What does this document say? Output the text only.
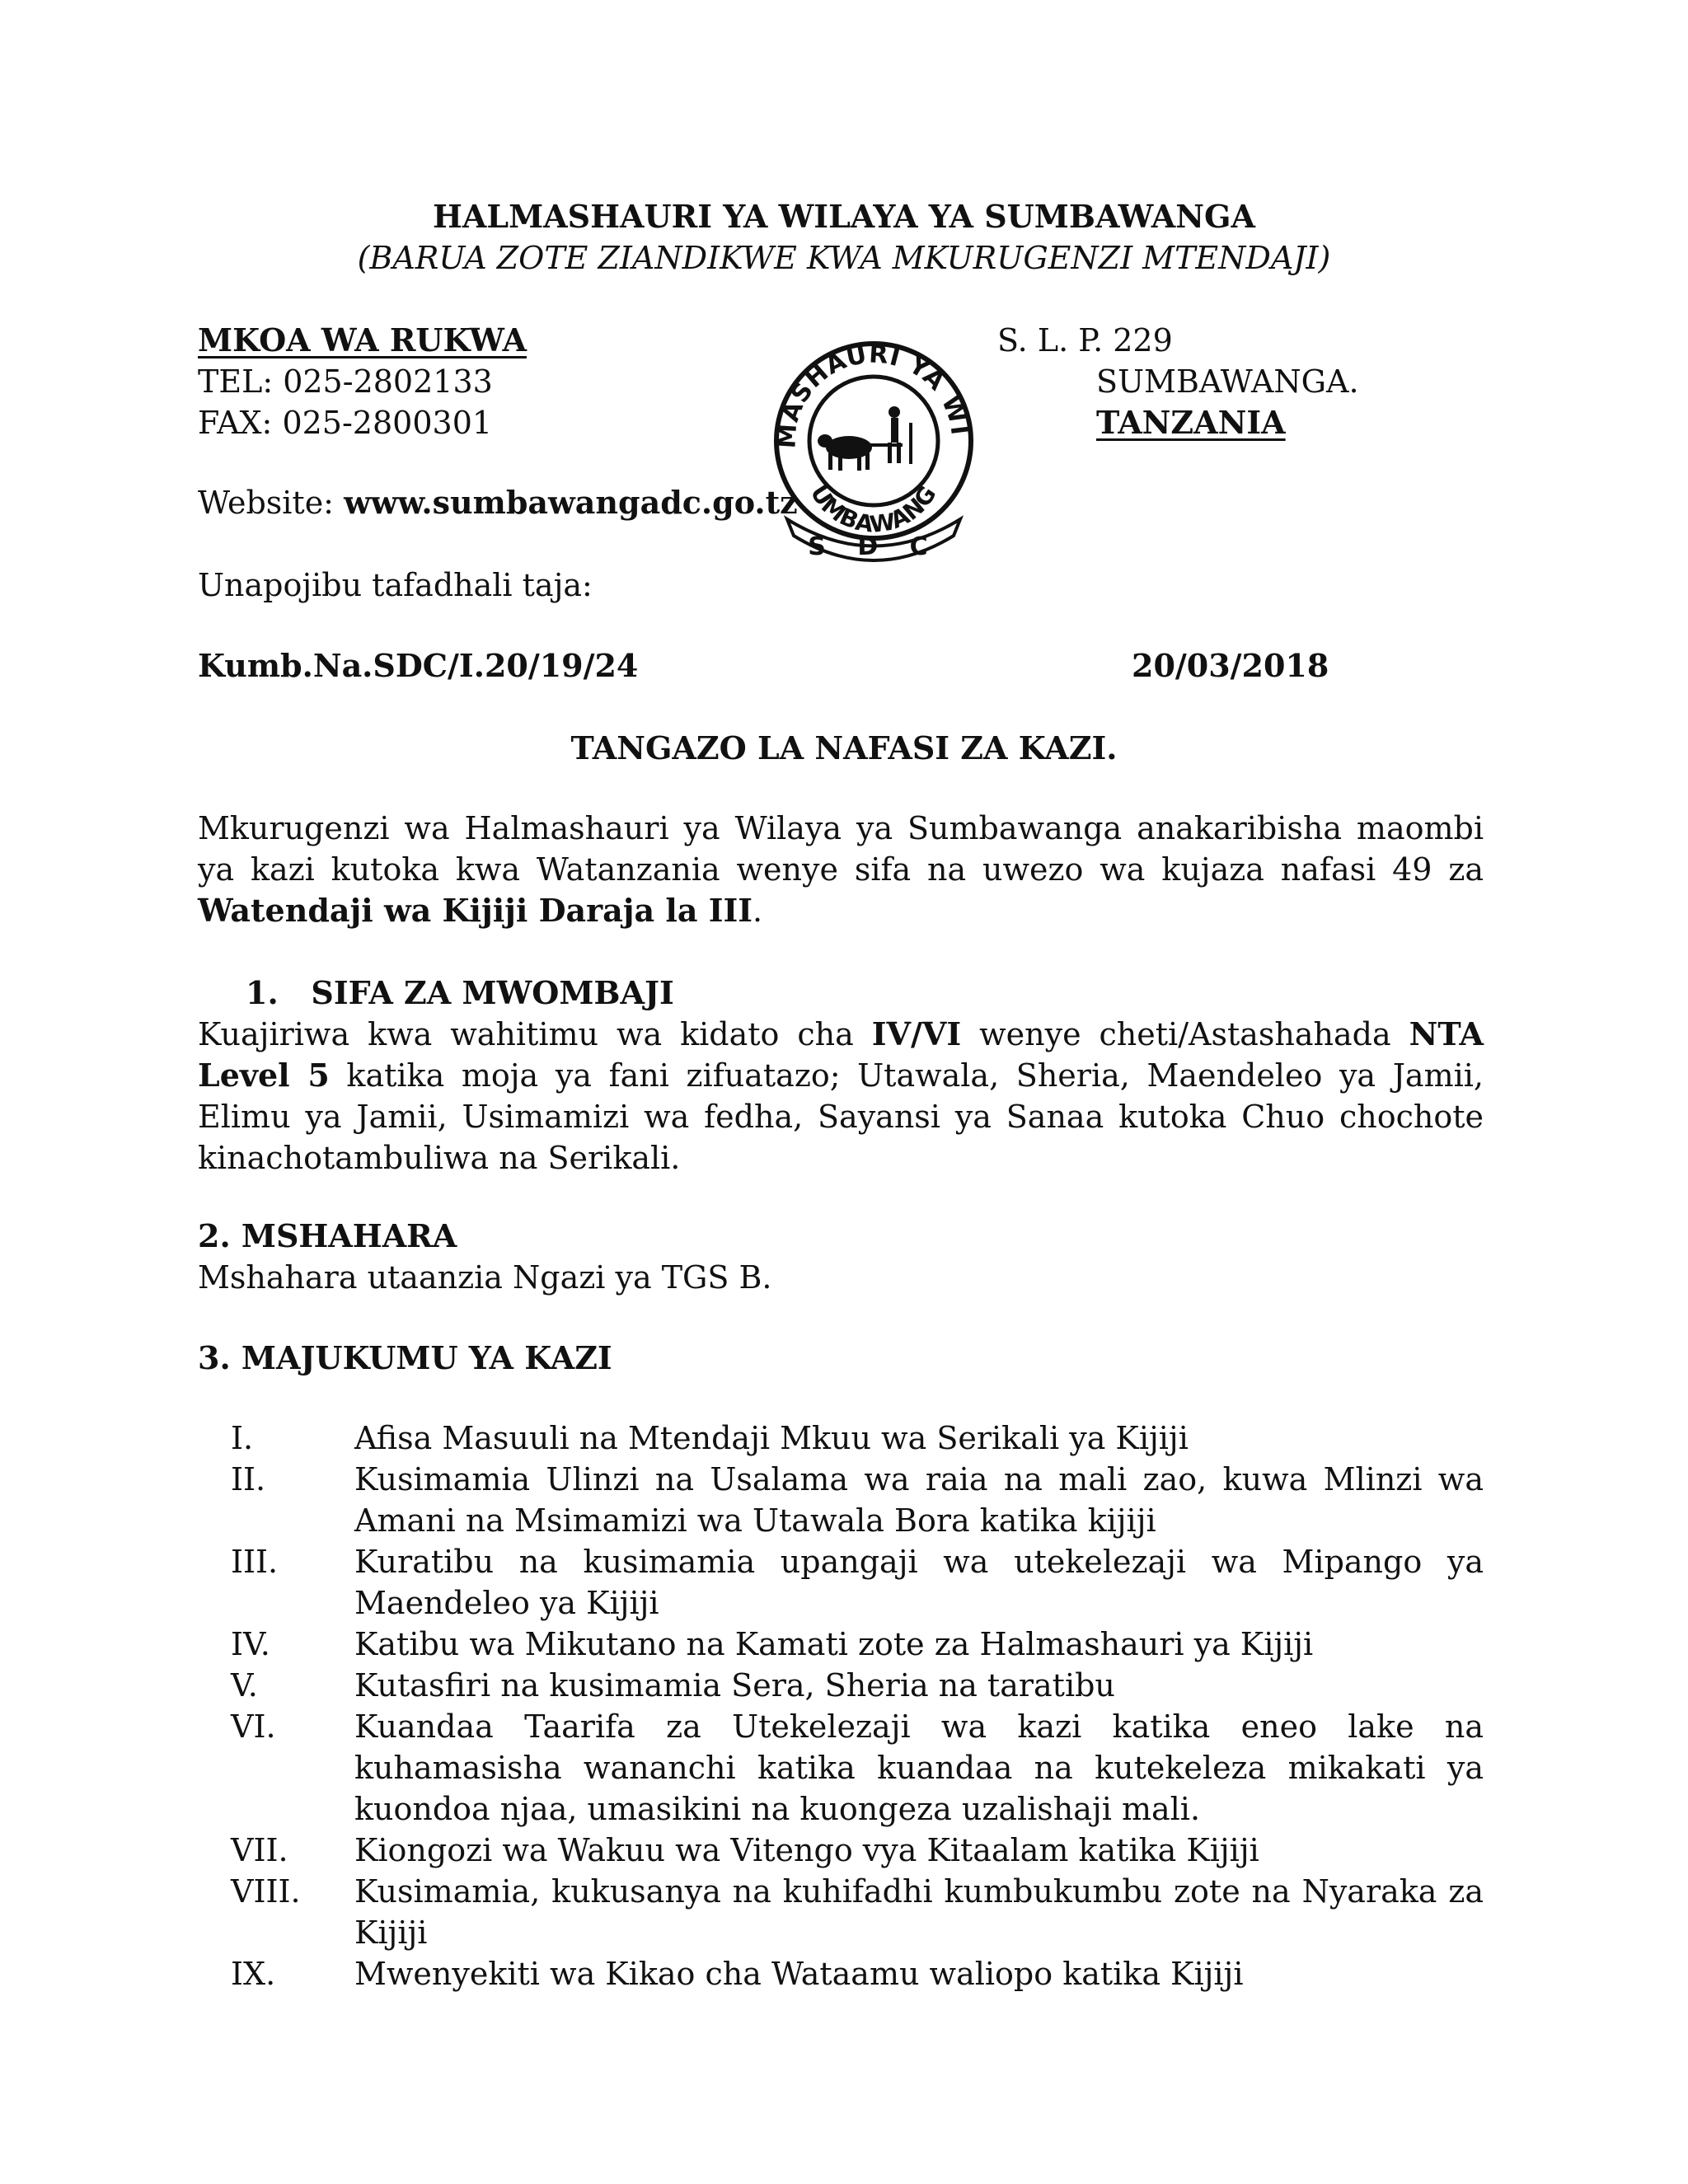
HALMASHAURI YA WILAYA YA SUMBAWANGA
(BARUA ZOTE ZIANDIKWE KWA MKURUGENZI MTENDAJI)
MKOA WA RUKWA
TEL: 025-2802133
FAX: 025-2800301
Website: www.sumbawangadc.go.tz
Unapojibu tafadhali taja:
S. L. P. 229
SUMBAWANGA.
TANZANIA
MASHAURI YA WI
UMBAWANG
S D C
Kumb.Na.SDC/I.20/19/24	20/03/2018
TANGAZO LA NAFASI ZA KAZI.
Mkurugenzi wa Halmashauri ya Wilaya ya Sumbawanga anakaribisha maombi ya kazi kutoka kwa Watanzania wenye sifa na uwezo wa kujaza nafasi 49 za Watendaji wa Kijiji Daraja la III.
1. SIFA ZA MWOMBAJI
Kuajiriwa kwa wahitimu wa kidato cha IV/VI wenye cheti/Astashahada NTA Level 5 katika moja ya fani zifuatazo; Utawala, Sheria, Maendeleo ya Jamii, Elimu ya Jamii, Usimamizi wa fedha, Sayansi ya Sanaa kutoka Chuo chochote kinachotambuliwa na Serikali.
2. MSHAHARA
Mshahara utaanzia Ngazi ya TGS B.
3. MAJUKUMU YA KAZI
I.	Afisa Masuuli na Mtendaji Mkuu wa Serikali ya Kijiji
II.	Kusimamia Ulinzi na Usalama wa raia na mali zao, kuwa Mlinzi wa Amani na Msimamizi wa Utawala Bora katika kijiji
III.	Kuratibu na kusimamia upangaji wa utekelezaji wa Mipango ya Maendeleo ya Kijiji
IV.	Katibu wa Mikutano na Kamati zote za Halmashauri ya Kijiji
V.	Kutasfiri na kusimamia Sera, Sheria na taratibu
VI.	Kuandaa Taarifa za Utekelezaji wa kazi katika eneo lake na kuhamasisha wananchi katika kuandaa na kutekeleza mikakati ya kuondoa njaa, umasikini na kuongeza uzalishaji mali.
VII.	Kiongozi wa Wakuu wa Vitengo vya Kitaalam katika Kijiji
VIII.	Kusimamia, kukusanya na kuhifadhi kumbukumbu zote na Nyaraka za Kijiji
IX.	Mwenyekiti wa Kikao cha Wataamu waliopo katika Kijiji
